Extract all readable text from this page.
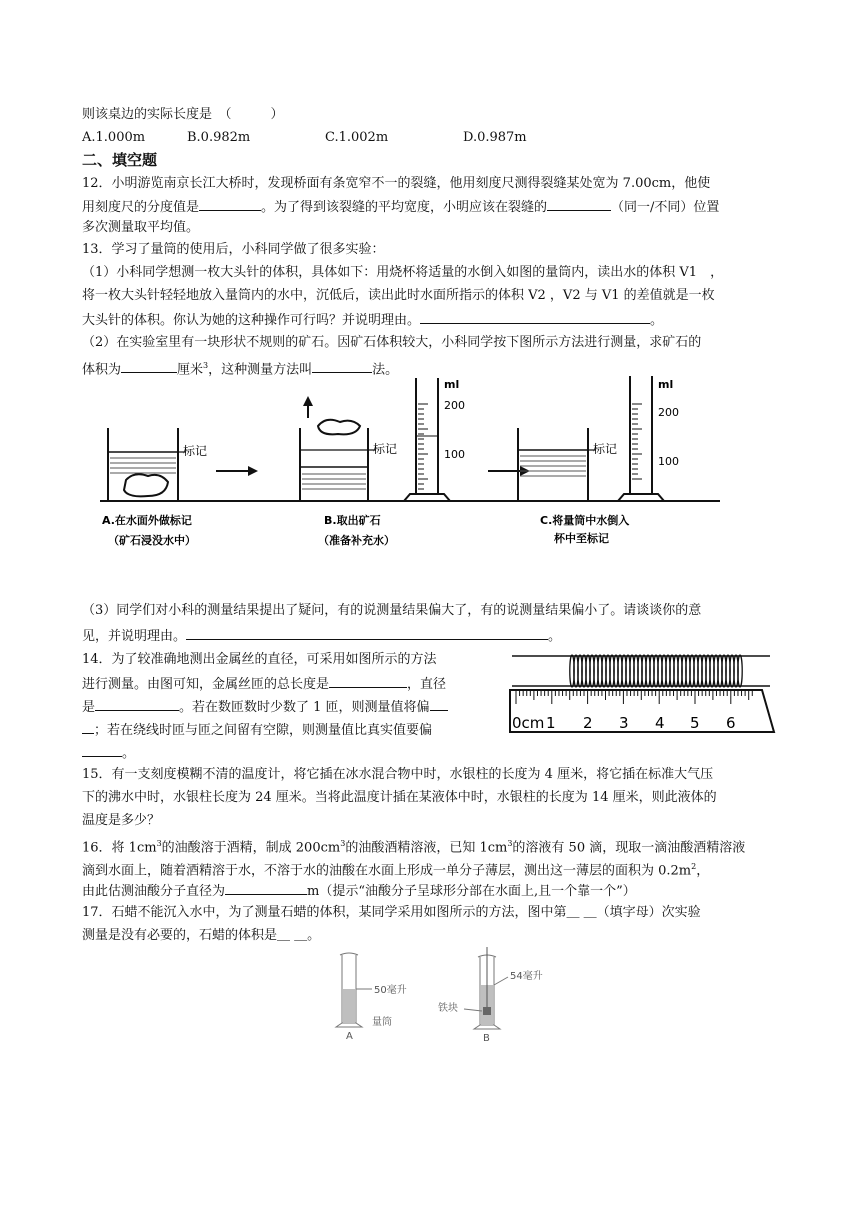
则该桌边的实际长度是　（　　　）
A.1.000m	B.0.982m	C.1.002m	D.0.987m
二、填空题
12．小明游览南京长江大桥时，发现桥面有条宽窄不一的裂缝，他用刻度尺测得裂缝某处宽为 7.00cm，他使
用刻度尺的分度值是	。为了得到该裂缝的平均宽度，小明应该在裂缝的	（同一/不同）位置
多次测量取平均值。
13．学习了量筒的使用后，小科同学做了很多实验：
（1）小科同学想测一枚大头针的体积，具体如下：用烧杯将适量的水倒入如图的量筒内，读出水的体积 V1　，
将一枚大头针轻轻地放入量筒内的水中，沉低后，读出此时水面所指示的体积 V2 ，V2 与 V1 的差值就是一枚
大头针的体积。你认为她的这种操作可行吗？并说明理由。	。
（2）在实验室里有一块形状不规则的矿石。因矿石体积较大，小科同学按下图所示方法进行测量，求矿石的
体积为	厘米$^3$，这种测量方法叫	法。
标记	标记
ml
200
100	标记
ml
200
100
A.在水面外做标记
（矿石浸没水中）
B.取出矿石
（准备补充水）
C.将量筒中水倒入
杯中至标记
（3）同学们对小科的测量结果提出了疑问，有的说测量结果偏大了，有的说测量结果偏小了。请谈谈你的意
见，并说明理由。	。
14．为了较准确地测出金属丝的直径，可采用如图所示的方法
进行测量。由图可知，金属丝匝的总长度是	，直径
是	。若在数匝数时少数了 1 匝，则测量值将偏
；若在绕线时匝与匝之间留有空隙，则测量值比真实值要偏
。
0cm 1 2 3 4 5 6
15．有一支刻度模糊不清的温度计，将它插在冰水混合物中时，水银柱的长度为 4 厘米，将它插在标准大气压
下的沸水中时，水银柱长度为 24 厘米。当将此温度计插在某液体中时，水银柱的长度为 14 厘米，则此液体的
温度是多少？
16．将 $1cm^3$的油酸溶于酒精，制成 $200cm^3$的油酸酒精溶液，已知 $1cm^3$的溶液有 50 滴，现取一滴油酸酒精溶液
滴到水面上，随着酒精溶于水，不溶于水的油酸在水面上形成一单分子薄层，测出这一薄层的面积为 $0.2m^2$，
由此估测油酸分子直径为	m（提示“油酸分子呈球形分部在水面上,且一个靠一个”）
17．石蜡不能沉入水中，为了测量石蜡的体积，某同学采用如图所示的方法，图中第＿ ＿（填字母）次实验
测量是没有必要的，石蜡的体积是＿ ＿。
50毫升
量筒
A
54毫升
铁块
B
